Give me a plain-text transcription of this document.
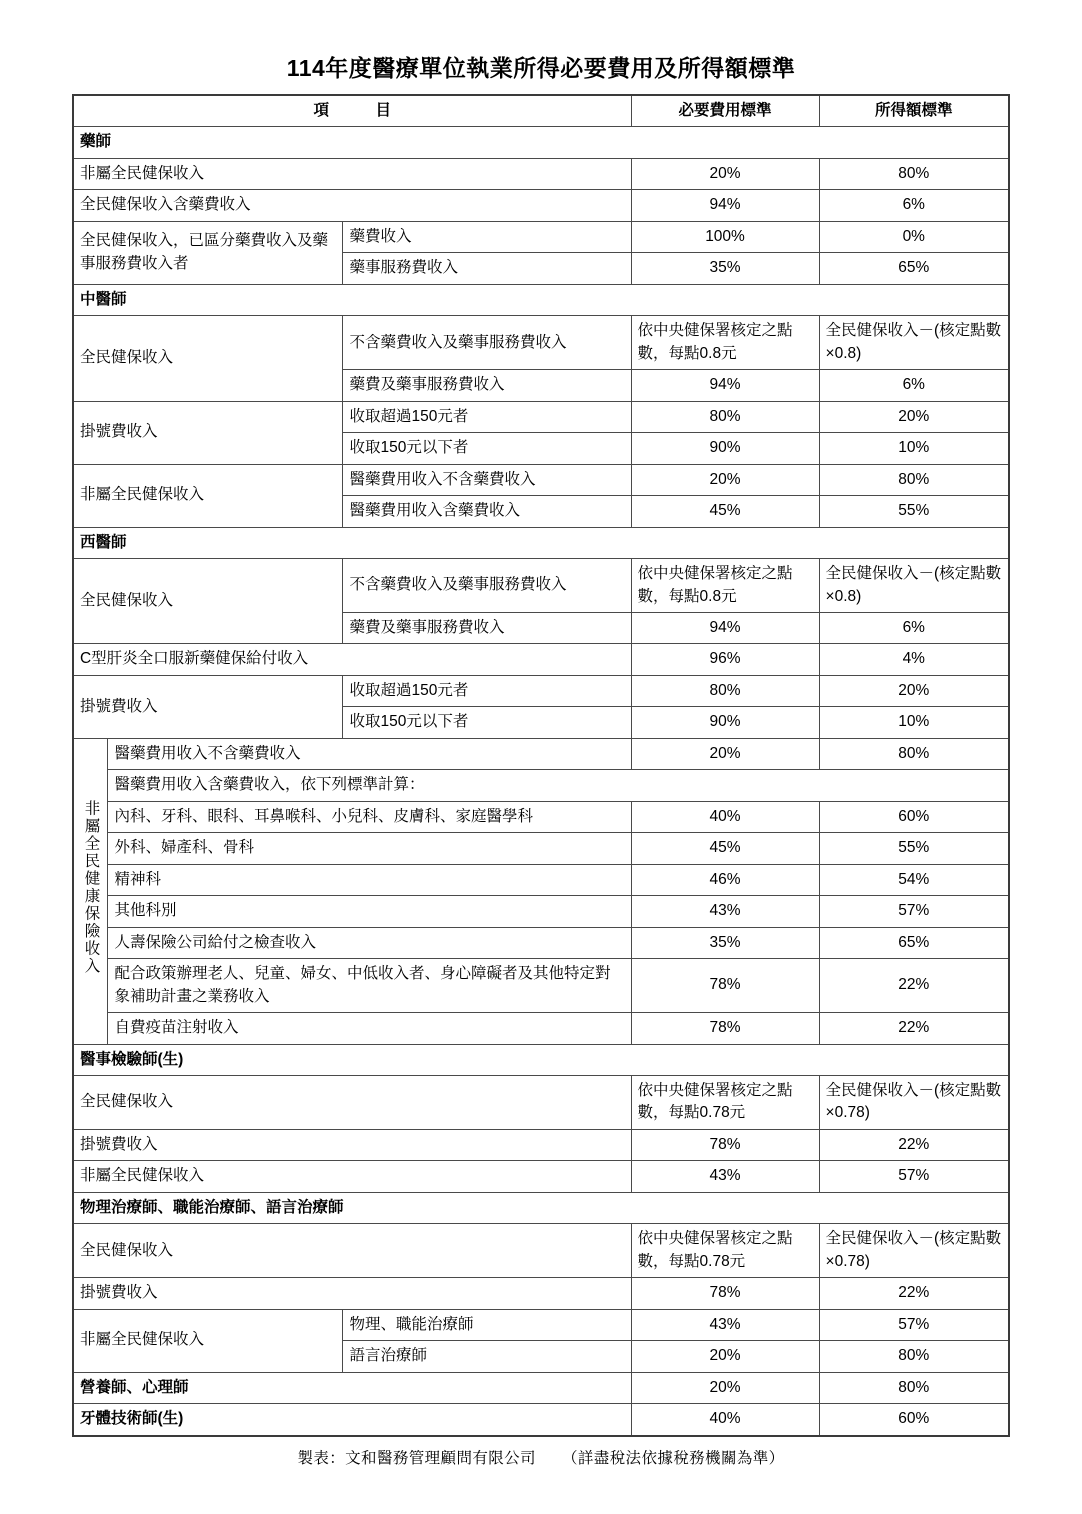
114年度醫療單位執業所得必要費用及所得額標準
項　　　目			必要費用標準	所得額標準
藥師				
非屬全民健保收入			20%	80%
全民健保收入含藥費收入			94%	6%
全民健保收入，已區分藥費收入及藥事服務費收入者		藥費收入	100%	0%
		藥事服務費收入	35%	65%
中醫師				
全民健保收入		不含藥費收入及藥事服務費收入	依中央健保署核定之點數，每點0.8元	全民健保收入－(核定點數×0.8)
		藥費及藥事服務費收入	94%	6%
掛號費收入		收取超過150元者	80%	20%
		收取150元以下者	90%	10%
非屬全民健保收入		醫藥費用收入不含藥費收入	20%	80%
		醫藥費用收入含藥費收入	45%	55%
西醫師				
全民健保收入		不含藥費收入及藥事服務費收入	依中央健保署核定之點數，每點0.8元	全民健保收入－(核定點數×0.8)
		藥費及藥事服務費收入	94%	6%
C型肝炎全口服新藥健保給付收入			96%	4%
掛號費收入		收取超過150元者	80%	20%
		收取150元以下者	90%	10%
非屬全民健康保險收入	醫藥費用收入不含藥費收入		20%	80%
	醫藥費用收入含藥費收入，依下列標準計算：			
	內科、牙科、眼科、耳鼻喉科、小兒科、皮膚科、家庭醫學科		40%	60%
	外科、婦產科、骨科		45%	55%
	精神科		46%	54%
	其他科別		43%	57%
	人壽保險公司給付之檢查收入		35%	65%
	配合政策辦理老人、兒童、婦女、中低收入者、身心障礙者及其他特定對象補助計畫之業務收入		78%	22%
	自費疫苗注射收入		78%	22%
醫事檢驗師(生)				
全民健保收入			依中央健保署核定之點數，每點0.78元	全民健保收入－(核定點數×0.78)
掛號費收入			78%	22%
非屬全民健保收入			43%	57%
物理治療師、職能治療師、語言治療師				
全民健保收入			依中央健保署核定之點數，每點0.78元	全民健保收入－(核定點數×0.78)
掛號費收入			78%	22%
非屬全民健保收入		物理、職能治療師	43%	57%
		語言治療師	20%	80%
營養師、心理師			20%	80%
牙體技術師(生)			40%	60%
製表：文和醫務管理顧問有限公司 （詳盡稅法依據稅務機關為準）
